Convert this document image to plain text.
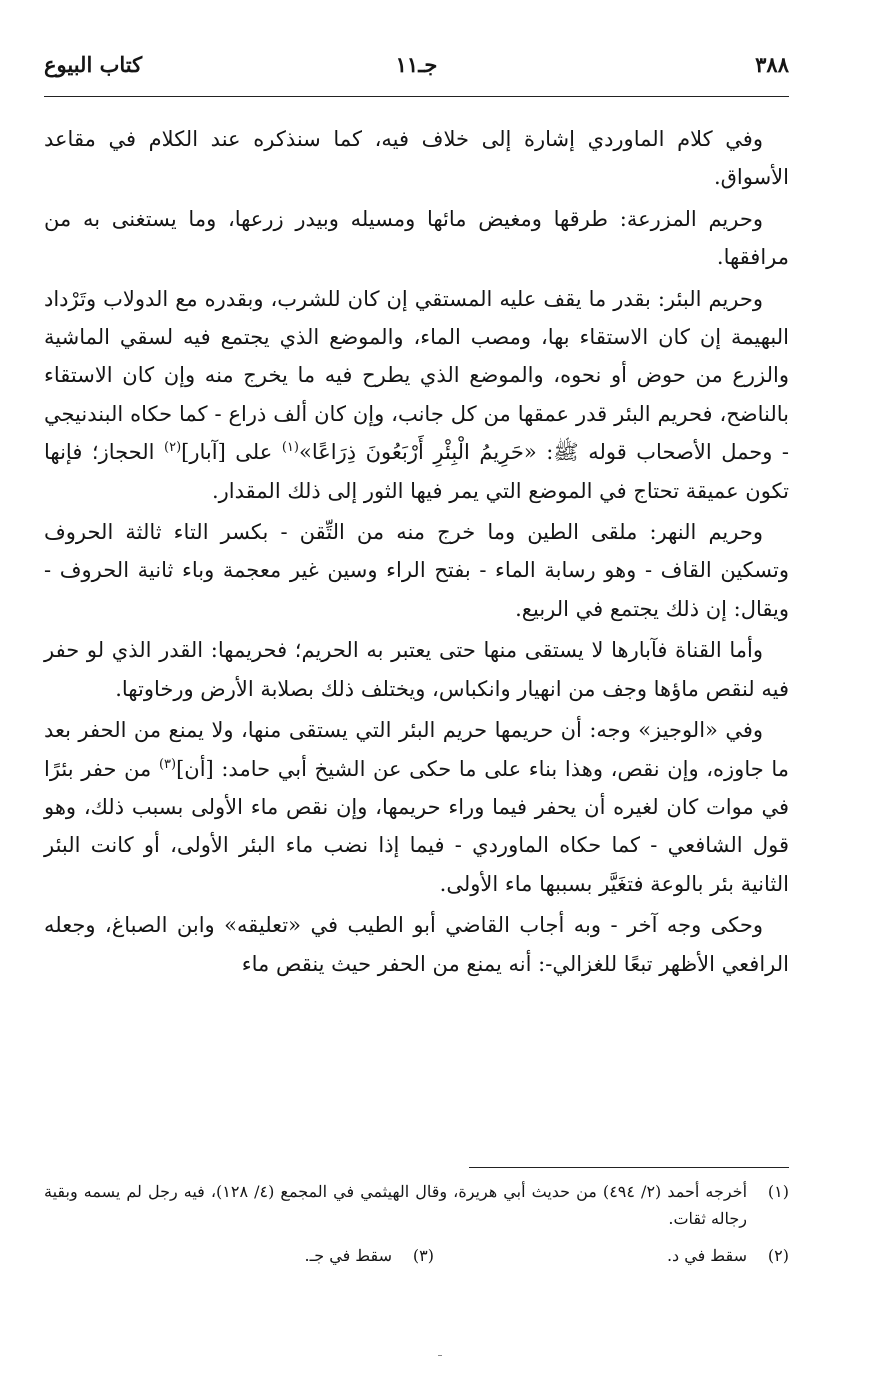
٣٨٨
جـ١١
كتاب البيوع

وفي كلام الماوردي إشارة إلى خلاف فيه، كما سنذكره عند الكلام في مقاعد الأسواق.

وحريم المزرعة: طرقها ومغيض مائها ومسيله وبيدر زرعها، وما يستغنى به من مرافقها.

وحريم البئر: بقدر ما يقف عليه المستقي إن كان للشرب، وبقدره مع الدولاب وتَرْداد البهيمة إن كان الاستقاء بها، ومصب الماء، والموضع الذي يجتمع فيه لسقي الماشية والزرع من حوض أو نحوه، والموضع الذي يطرح فيه ما يخرج منه وإن كان الاستقاء بالناضح، فحريم البئر قدر عمقها من كل جانب، وإن كان ألف ذراع - كما حكاه البندنيجي - وحمل الأصحاب قوله ﷺ: «حَرِيمُ الْبِئْرِ أَرْبَعُونَ ذِرَاعًا»$^{(١)}$ على [آبار]$^{(٢)}$ الحجاز؛ فإنها تكون عميقة تحتاج في الموضع التي يمر فيها الثور إلى ذلك المقدار.

وحريم النهر: ملقى الطين وما خرج منه من التِّقن - بكسر التاء ثالثة الحروف وتسكين القاف - وهو رسابة الماء - بفتح الراء وسين غير معجمة وباء ثانية الحروف - ويقال: إن ذلك يجتمع في الربيع.

وأما القناة فآبارها لا يستقى منها حتى يعتبر به الحريم؛ فحريمها: القدر الذي لو حفر فيه لنقص ماؤها وجف من انهيار وانكباس، ويختلف ذلك بصلابة الأرض ورخاوتها.

وفي «الوجيز» وجه: أن حريمها حريم البئر التي يستقى منها، ولا يمنع من الحفر بعد ما جاوزه، وإن نقص، وهذا بناء على ما حكى عن الشيخ أبي حامد: [أن]$^{(٣)}$ من حفر بئرًا في موات كان لغيره أن يحفر فيما وراء حريمها، وإن نقص ماء الأولى بسبب ذلك، وهو قول الشافعي - كما حكاه الماوردي - فيما إذا نضب ماء البئر الأولى، أو كانت البئر الثانية بئر بالوعة فتغَيَّر بسببها ماء الأولى.

وحكى وجه آخر - وبه أجاب القاضي أبو الطيب في «تعليقه» وابن الصباغ، وجعله الرافعي الأظهر تبعًا للغزالي-: أنه يمنع من الحفر حيث ينقص ماء

(١)
أخرجه أحمد (٢/ ٤٩٤) من حديث أبي هريرة، وقال الهيثمي في المجمع (٤/ ١٢٨)، فيه رجل لم يسمه وبقية رجاله ثقات.
(٢)سقط في د.
(٣)سقط في جـ.
